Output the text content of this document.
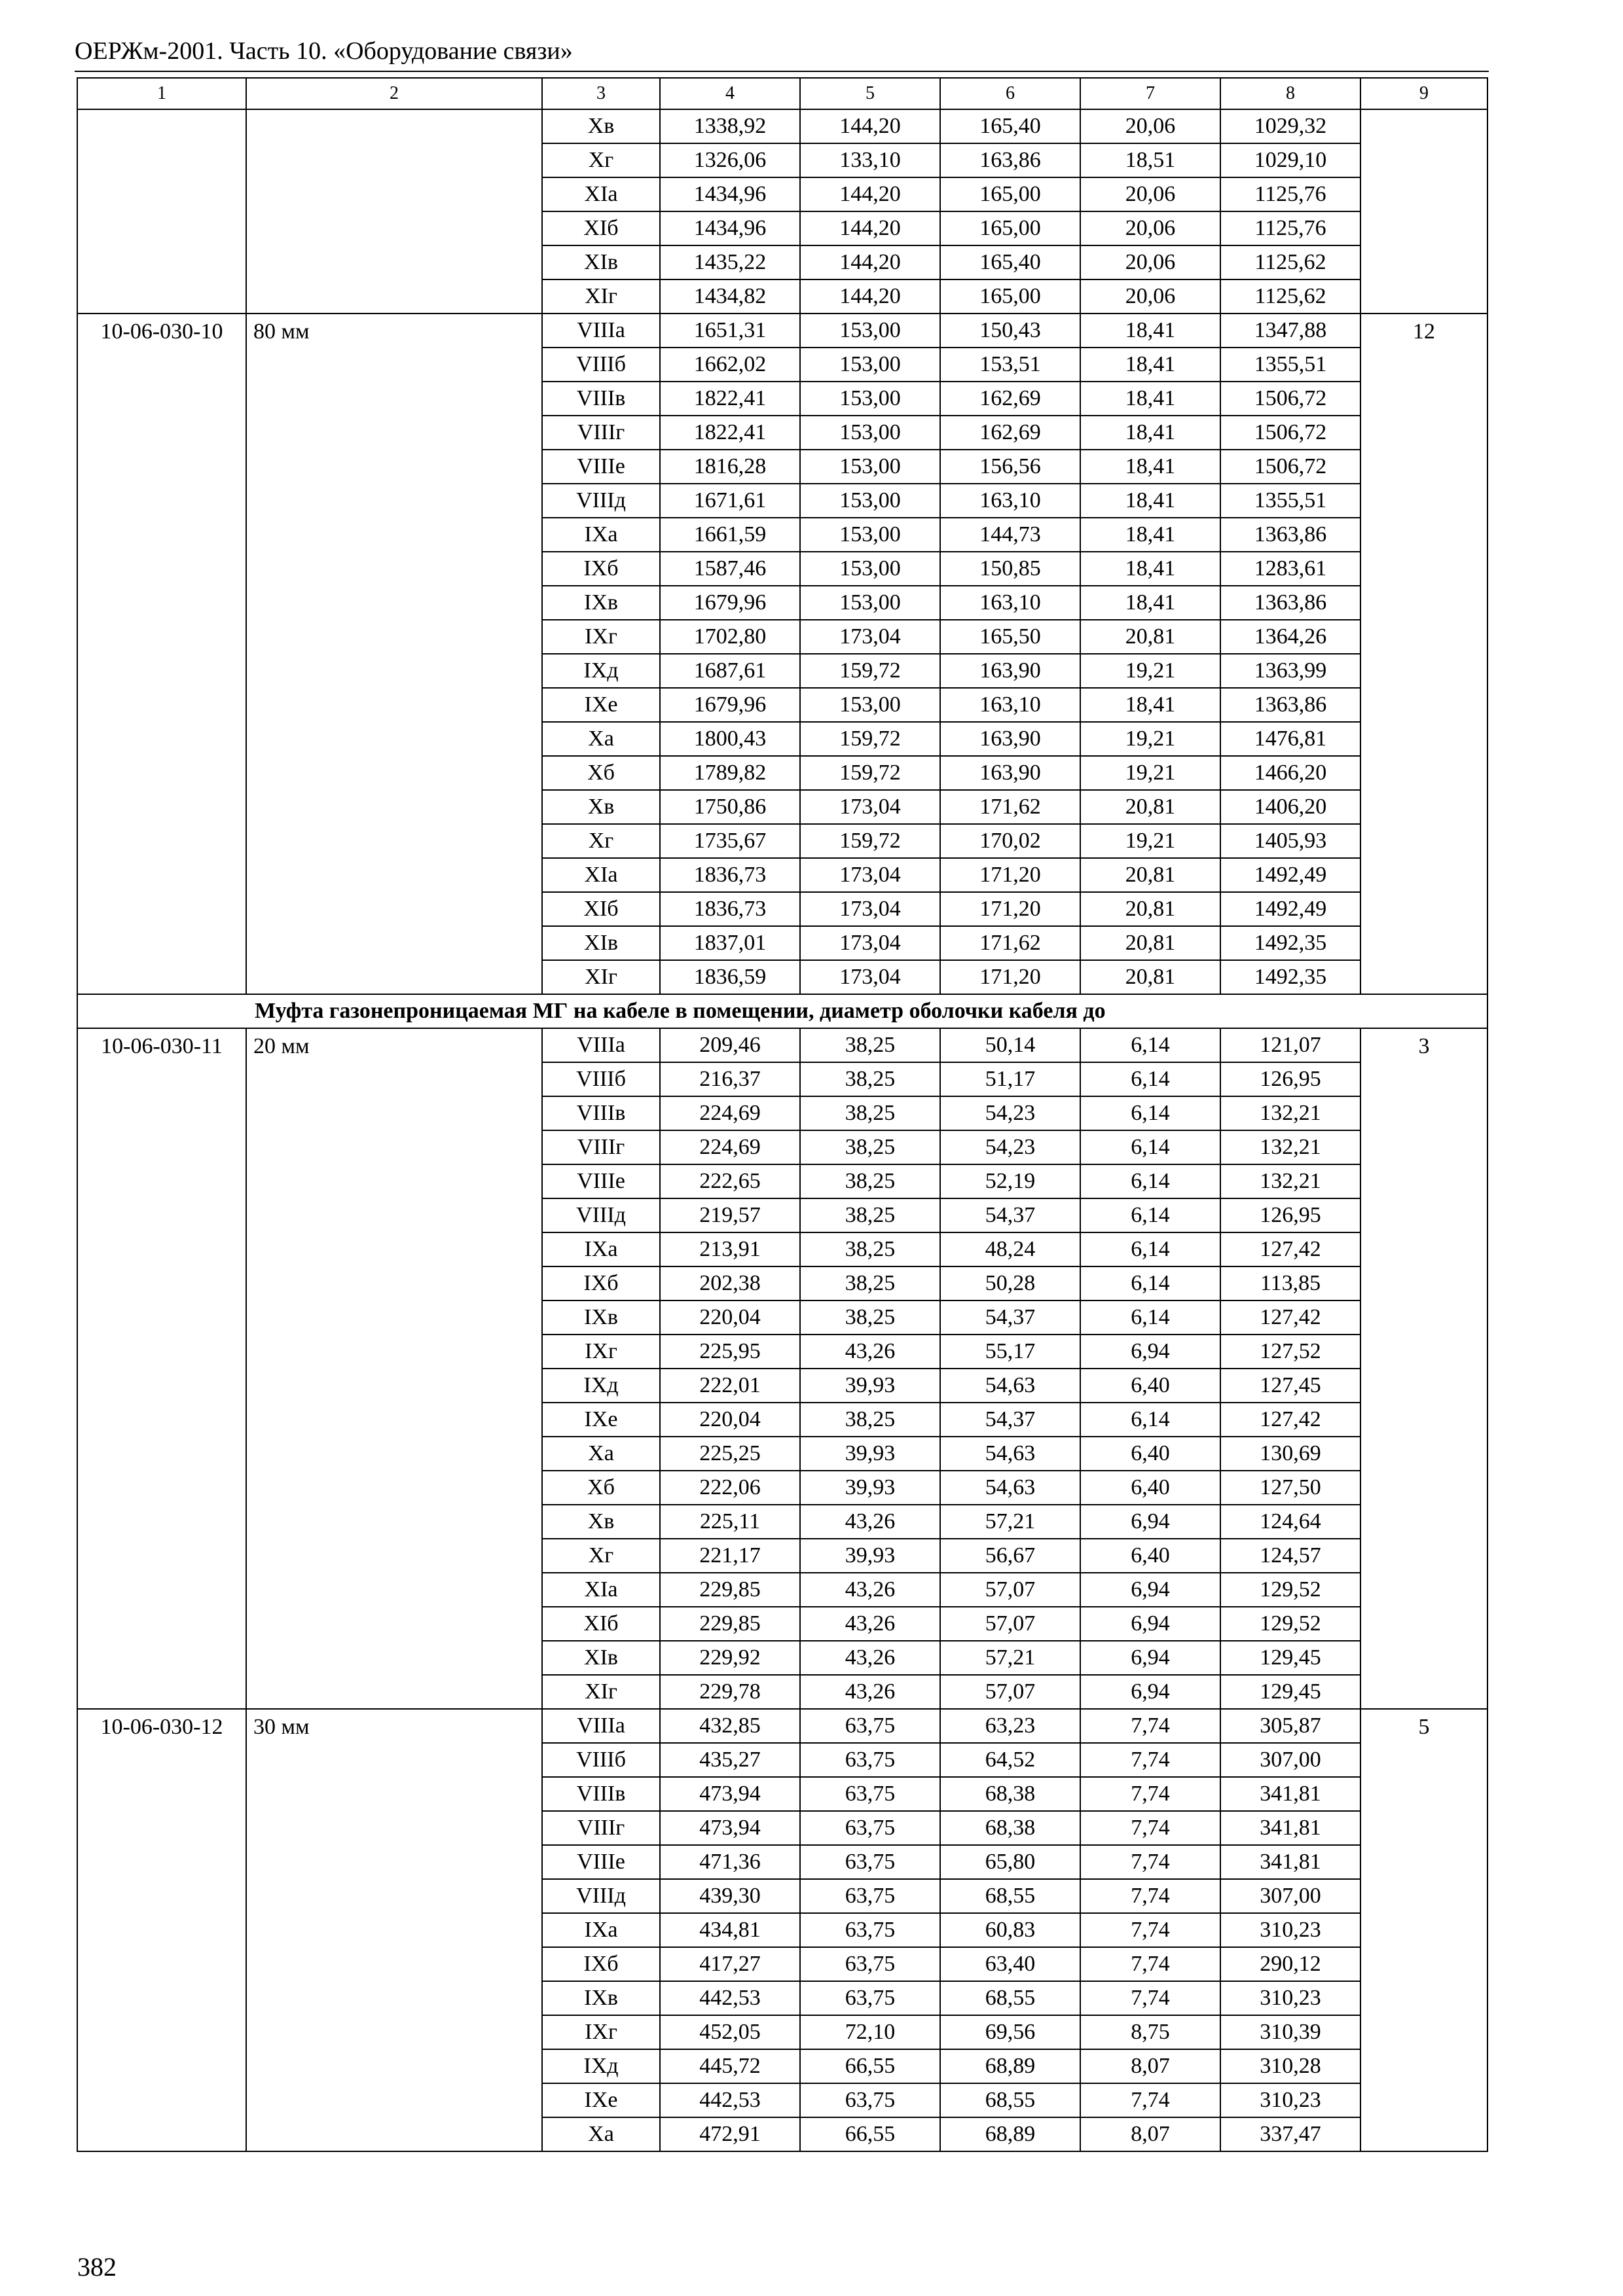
ОЕРЖм-2001. Часть 10. «Оборудование связи»
1	2	3	4	5	6	7	8	9
		Хв	1338,92	144,20	165,40	20,06	1029,32	
		Хг	1326,06	133,10	163,86	18,51	1029,10	
		XIа	1434,96	144,20	165,00	20,06	1125,76	
		XIб	1434,96	144,20	165,00	20,06	1125,76	
		XIв	1435,22	144,20	165,40	20,06	1125,62	
		XIг	1434,82	144,20	165,00	20,06	1125,62	
10-06-030-10	80 мм	VIIIа	1651,31	153,00	150,43	18,41	1347,88	12
		VIIIб	1662,02	153,00	153,51	18,41	1355,51	
		VIIIв	1822,41	153,00	162,69	18,41	1506,72	
		VIIIг	1822,41	153,00	162,69	18,41	1506,72	
		VIIIе	1816,28	153,00	156,56	18,41	1506,72	
		VIIIд	1671,61	153,00	163,10	18,41	1355,51	
		IXа	1661,59	153,00	144,73	18,41	1363,86	
		IXб	1587,46	153,00	150,85	18,41	1283,61	
		IXв	1679,96	153,00	163,10	18,41	1363,86	
		IXг	1702,80	173,04	165,50	20,81	1364,26	
		IXд	1687,61	159,72	163,90	19,21	1363,99	
		IXе	1679,96	153,00	163,10	18,41	1363,86	
		Ха	1800,43	159,72	163,90	19,21	1476,81	
		Хб	1789,82	159,72	163,90	19,21	1466,20	
		Хв	1750,86	173,04	171,62	20,81	1406,20	
		Хг	1735,67	159,72	170,02	19,21	1405,93	
		XIа	1836,73	173,04	171,20	20,81	1492,49	
		XIб	1836,73	173,04	171,20	20,81	1492,49	
		XIв	1837,01	173,04	171,62	20,81	1492,35	
		XIг	1836,59	173,04	171,20	20,81	1492,35	
Муфта газонепроницаемая МГ на кабеле в помещении, диаметр оболочки кабеля до								
10-06-030-11	20 мм	VIIIа	209,46	38,25	50,14	6,14	121,07	3
		VIIIб	216,37	38,25	51,17	6,14	126,95	
		VIIIв	224,69	38,25	54,23	6,14	132,21	
		VIIIг	224,69	38,25	54,23	6,14	132,21	
		VIIIе	222,65	38,25	52,19	6,14	132,21	
		VIIIд	219,57	38,25	54,37	6,14	126,95	
		IXа	213,91	38,25	48,24	6,14	127,42	
		IXб	202,38	38,25	50,28	6,14	113,85	
		IXв	220,04	38,25	54,37	6,14	127,42	
		IXг	225,95	43,26	55,17	6,94	127,52	
		IXд	222,01	39,93	54,63	6,40	127,45	
		IXе	220,04	38,25	54,37	6,14	127,42	
		Ха	225,25	39,93	54,63	6,40	130,69	
		Хб	222,06	39,93	54,63	6,40	127,50	
		Хв	225,11	43,26	57,21	6,94	124,64	
		Хг	221,17	39,93	56,67	6,40	124,57	
		XIа	229,85	43,26	57,07	6,94	129,52	
		XIб	229,85	43,26	57,07	6,94	129,52	
		XIв	229,92	43,26	57,21	6,94	129,45	
		XIг	229,78	43,26	57,07	6,94	129,45	
10-06-030-12	30 мм	VIIIа	432,85	63,75	63,23	7,74	305,87	5
		VIIIб	435,27	63,75	64,52	7,74	307,00	
		VIIIв	473,94	63,75	68,38	7,74	341,81	
		VIIIг	473,94	63,75	68,38	7,74	341,81	
		VIIIе	471,36	63,75	65,80	7,74	341,81	
		VIIIд	439,30	63,75	68,55	7,74	307,00	
		IXа	434,81	63,75	60,83	7,74	310,23	
		IXб	417,27	63,75	63,40	7,74	290,12	
		IXв	442,53	63,75	68,55	7,74	310,23	
		IXг	452,05	72,10	69,56	8,75	310,39	
		IXд	445,72	66,55	68,89	8,07	310,28	
		IXе	442,53	63,75	68,55	7,74	310,23	
		Ха	472,91	66,55	68,89	8,07	337,47	
382
